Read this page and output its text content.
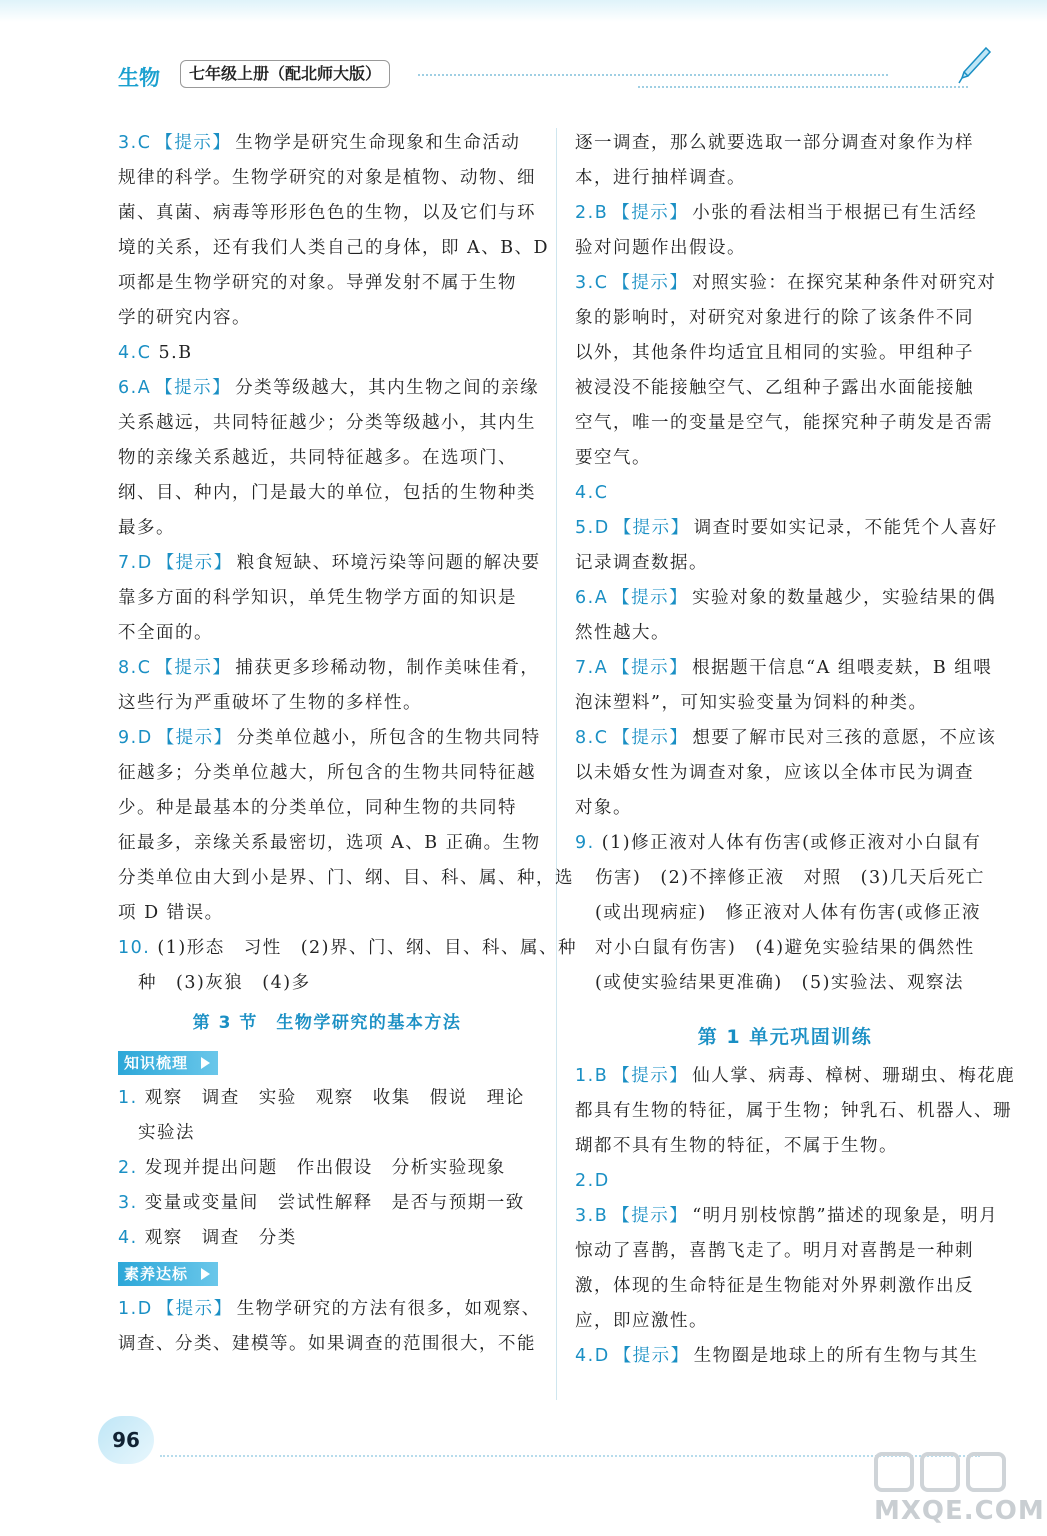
生物	七年级上册（配北师大版）
3.C 【提示】 生物学是研究生命现象和生命活动
规律的科学。生物学研究的对象是植物、动物、细
菌、真菌、病毒等形形色色的生物，以及它们与环
境的关系，还有我们人类自己的身体，即 A、B、D
项都是生物学研究的对象。导弹发射不属于生物
学的研究内容。
4.C 5.B
6.A 【提示】 分类等级越大，其内生物之间的亲缘
关系越远，共同特征越少；分类等级越小，其内生
物的亲缘关系越近，共同特征越多。在选项门、
纲、目、种内，门是最大的单位，包括的生物种类
最多。
7.D 【提示】 粮食短缺、环境污染等问题的解决要
靠多方面的科学知识，单凭生物学方面的知识是
不全面的。
8.C 【提示】 捕获更多珍稀动物，制作美味佳肴，
这些行为严重破坏了生物的多样性。
9.D 【提示】 分类单位越小，所包含的生物共同特
征越多；分类单位越大，所包含的生物共同特征越
少。种是最基本的分类单位，同种生物的共同特
征最多，亲缘关系最密切，选项 A、B 正确。生物
分类单位由大到小是界、门、纲、目、科、属、种，选
项 D 错误。
10. (1)形态　习性　(2)界、门、纲、目、科、属、种
种　(3)灰狼　(4)多
第 3 节　生物学研究的基本方法
知识梳理
1. 观察　调查　实验　观察　收集　假说　理论
实验法
2. 发现并提出问题　作出假设　分析实验现象
3. 变量或变量间　尝试性解释　是否与预期一致
4. 观察　调查　分类
素养达标
1.D 【提示】 生物学研究的方法有很多，如观察、
调查、分类、建模等。如果调查的范围很大，不能
逐一调查，那么就要选取一部分调查对象作为样
本，进行抽样调查。
2.B 【提示】 小张的看法相当于根据已有生活经
验对问题作出假设。
3.C 【提示】 对照实验：在探究某种条件对研究对
象的影响时，对研究对象进行的除了该条件不同
以外，其他条件均适宜且相同的实验。甲组种子
被浸没不能接触空气、乙组种子露出水面能接触
空气，唯一的变量是空气，能探究种子萌发是否需
要空气。
4.C
5.D 【提示】 调查时要如实记录，不能凭个人喜好
记录调查数据。
6.A 【提示】 实验对象的数量越少，实验结果的偶
然性越大。
7.A 【提示】 根据题干信息“A 组喂麦麸，B 组喂
泡沫塑料”，可知实验变量为饲料的种类。
8.C 【提示】 想要了解市民对三孩的意愿，不应该
以未婚女性为调查对象，应该以全体市民为调查
对象。
9. (1)修正液对人体有伤害(或修正液对小白鼠有
伤害)　(2)不摔修正液　对照　(3)几天后死亡
(或出现病症)　修正液对人体有伤害(或修正液
对小白鼠有伤害)　(4)避免实验结果的偶然性
(或使实验结果更准确)　(5)实验法、观察法
第 1 单元巩固训练
1.B 【提示】 仙人掌、病毒、樟树、珊瑚虫、梅花鹿
都具有生物的特征，属于生物；钟乳石、机器人、珊
瑚都不具有生物的特征，不属于生物。
2.D
3.B 【提示】 “明月别枝惊鹊”描述的现象是，明月
惊动了喜鹊，喜鹊飞走了。明月对喜鹊是一种刺
激，体现的生命特征是生物能对外界刺激作出反
应，即应激性。
4.D 【提示】 生物圈是地球上的所有生物与其生
96
MXQE.COM
